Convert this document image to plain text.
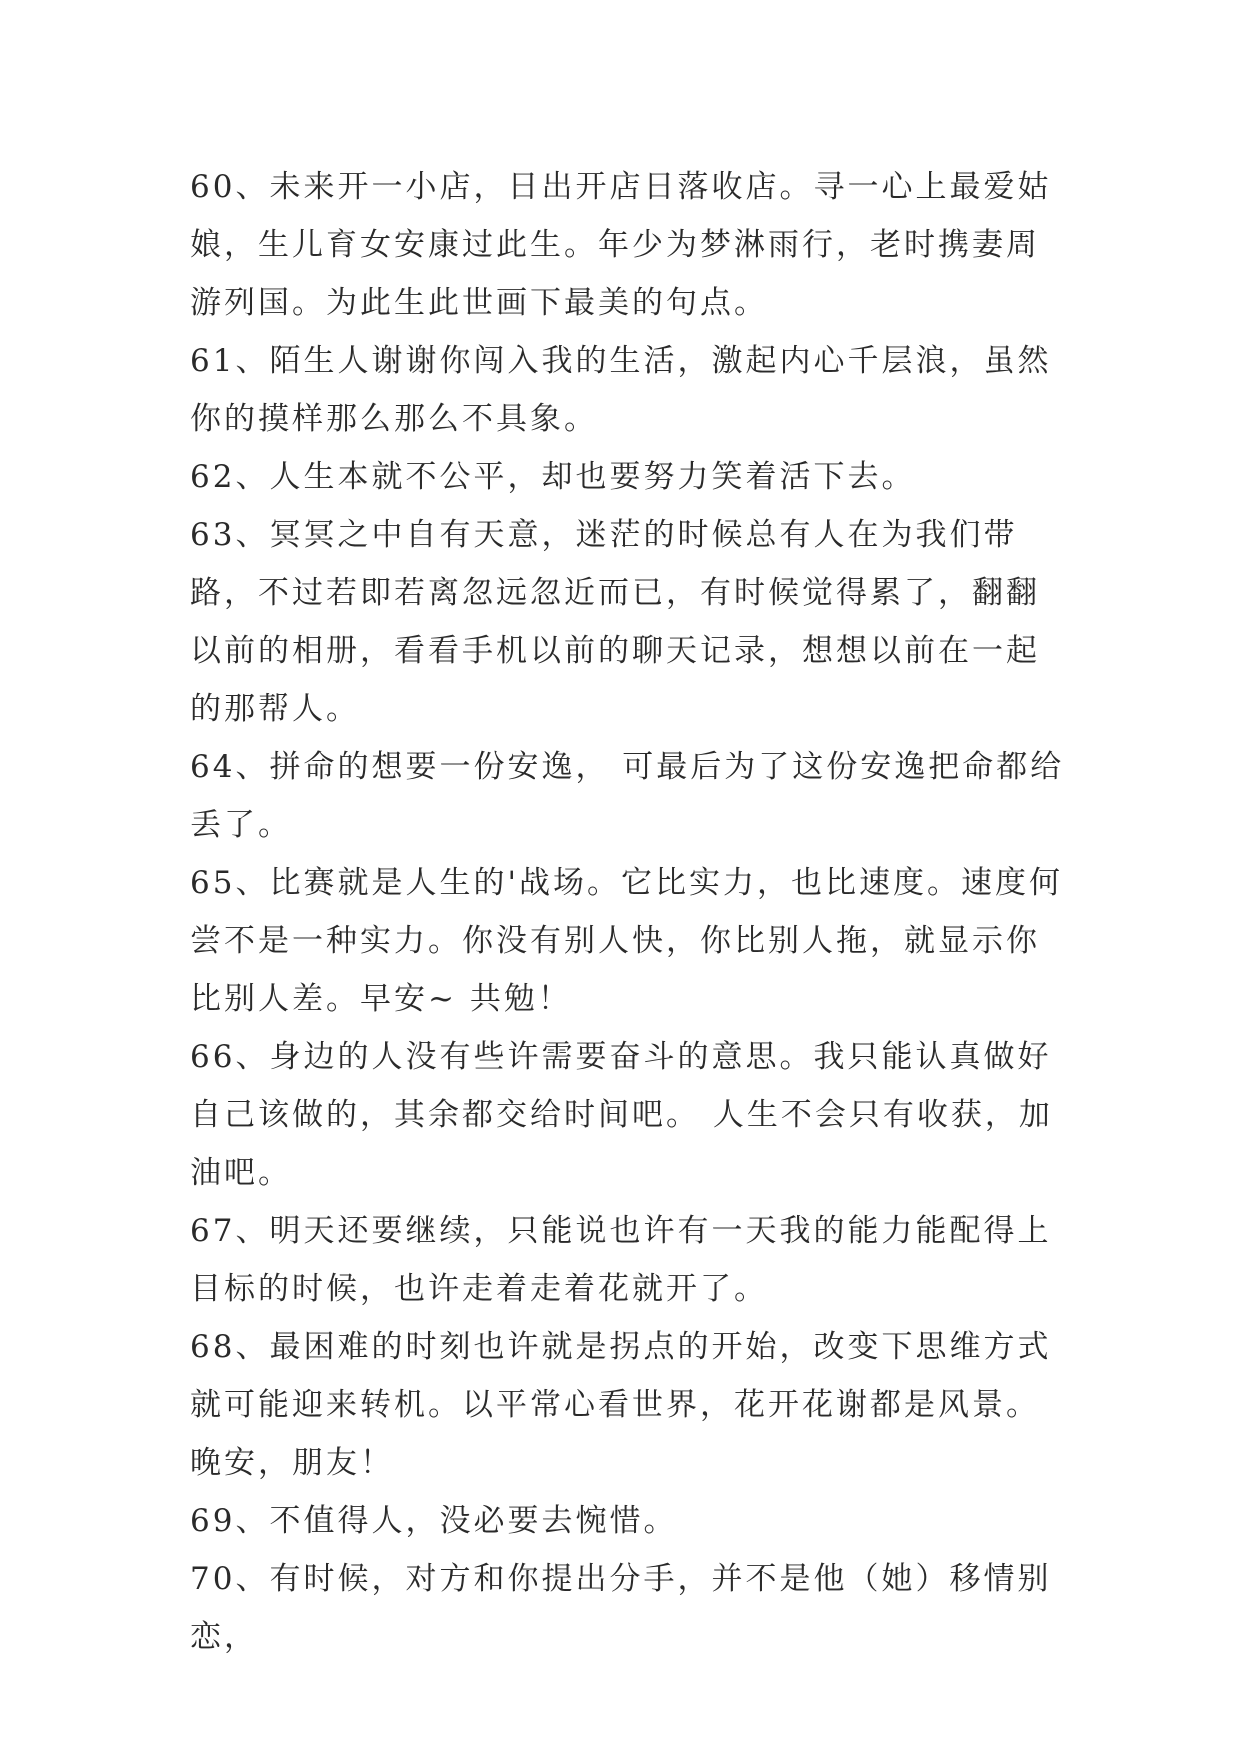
60、未来开一小店，日出开店日落收店。寻一心上最爱姑娘，生儿育女安康过此生。年少为梦淋雨行，老时携妻周游列国。为此生此世画下最美的句点。

61、陌生人谢谢你闯入我的生活，激起内心千层浪，虽然你的摸样那么那么不具象。

62、人生本就不公平，却也要努力笑着活下去。

63、冥冥之中自有天意，迷茫的时候总有人在为我们带路，不过若即若离忽远忽近而已，有时候觉得累了，翻翻以前的相册，看看手机以前的聊天记录，想想以前在一起的那帮人。

64、拼命的想要一份安逸， 可最后为了这份安逸把命都给丢了。

65、比赛就是人生的'战场。它比实力，也比速度。速度何尝不是一种实力。你没有别人快，你比别人拖，就显示你比别人差。早安~ 共勉！

66、身边的人没有些许需要奋斗的意思。我只能认真做好自己该做的，其余都交给时间吧。 人生不会只有收获，加油吧。

67、明天还要继续，只能说也许有一天我的能力能配得上目标的时候，也许走着走着花就开了。

68、最困难的时刻也许就是拐点的开始，改变下思维方式就可能迎来转机。以平常心看世界，花开花谢都是风景。晚安，朋友！

69、不值得人，没必要去惋惜。

70、有时候，对方和你提出分手，并不是他（她）移情别恋，
